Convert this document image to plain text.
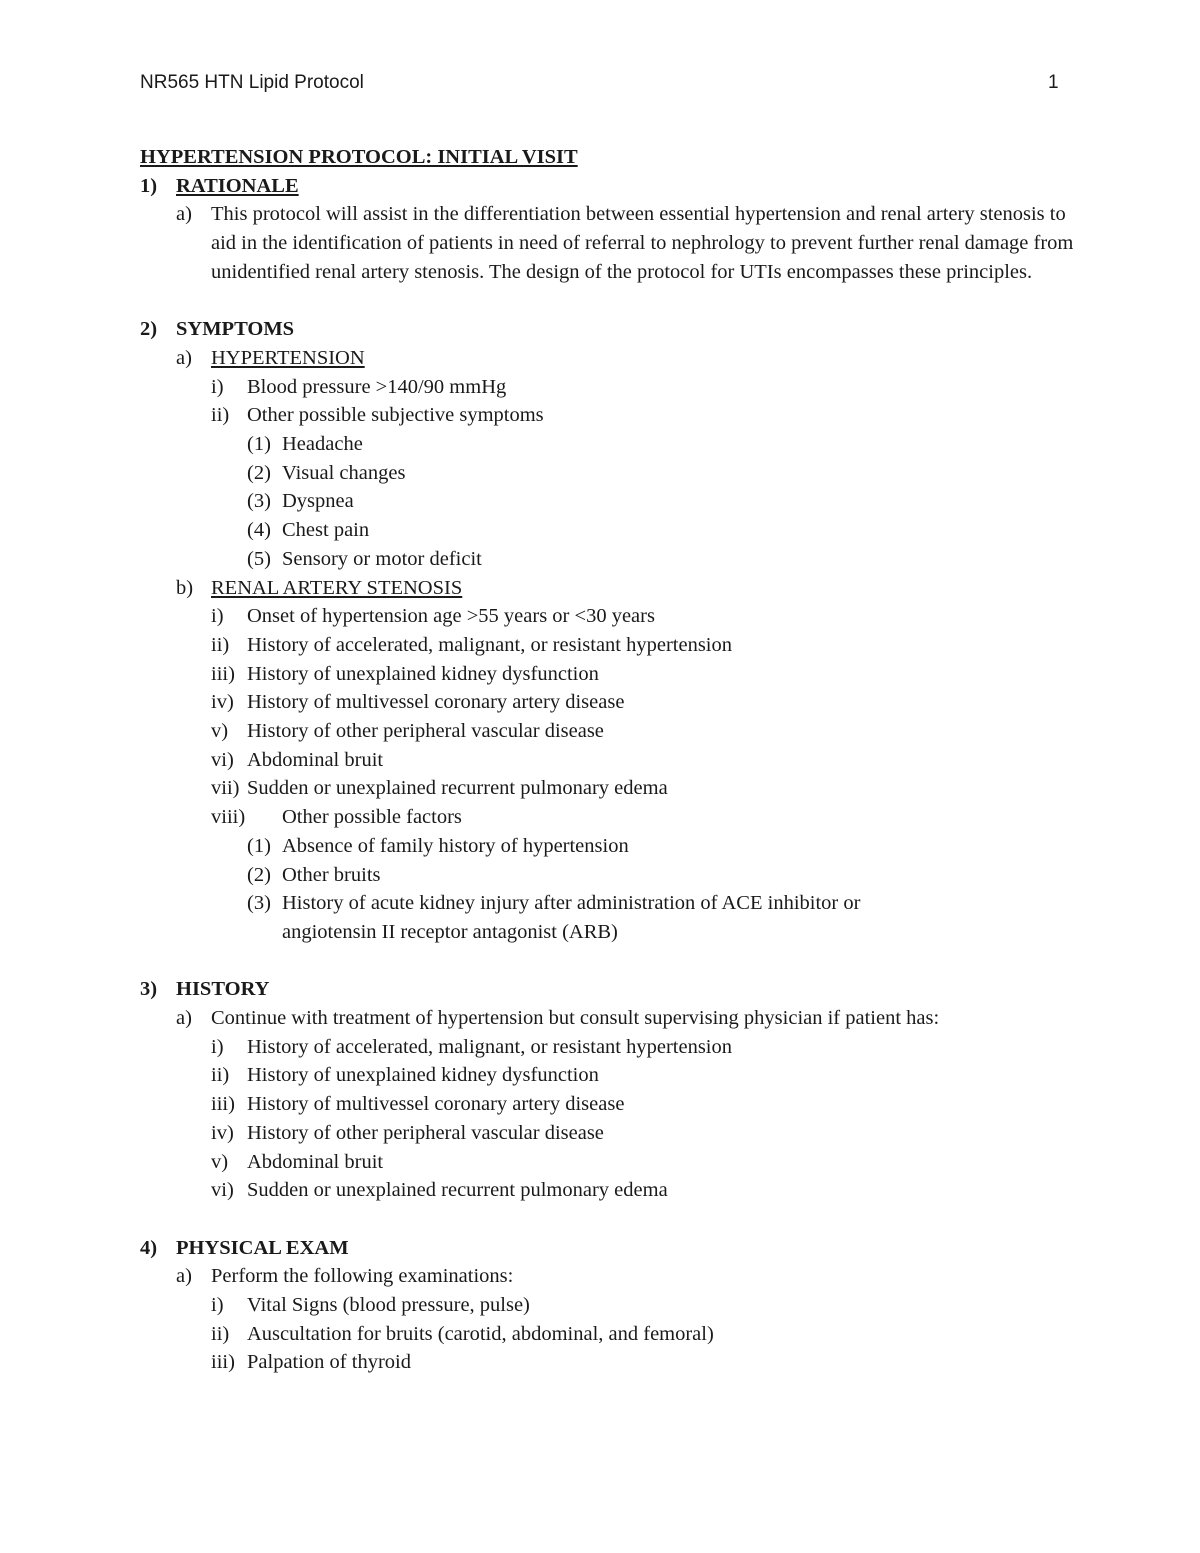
NR565 HTN Lipid Protocol	1
HYPERTENSION PROTOCOL: INITIAL VISIT
1) RATIONALE
a) This protocol will assist in the differentiation between essential hypertension and renal artery stenosis to aid in the identification of patients in need of referral to nephrology to prevent further renal damage from unidentified renal artery stenosis. The design of the protocol for UTIs encompasses these principles.
2) SYMPTOMS
a) HYPERTENSION
i) Blood pressure >140/90 mmHg
ii) Other possible subjective symptoms
(1) Headache
(2) Visual changes
(3) Dyspnea
(4) Chest pain
(5) Sensory or motor deficit
b) RENAL ARTERY STENOSIS
i) Onset of hypertension age >55 years or <30 years
ii) History of accelerated, malignant, or resistant hypertension
iii) History of unexplained kidney dysfunction
iv) History of multivessel coronary artery disease
v) History of other peripheral vascular disease
vi) Abdominal bruit
vii) Sudden or unexplained recurrent pulmonary edema
viii) Other possible factors
(1) Absence of family history of hypertension
(2) Other bruits
(3) History of acute kidney injury after administration of ACE inhibitor or angiotensin II receptor antagonist (ARB)
3) HISTORY
a) Continue with treatment of hypertension but consult supervising physician if patient has:
i) History of accelerated, malignant, or resistant hypertension
ii) History of unexplained kidney dysfunction
iii) History of multivessel coronary artery disease
iv) History of other peripheral vascular disease
v) Abdominal bruit
vi) Sudden or unexplained recurrent pulmonary edema
4) PHYSICAL EXAM
a) Perform the following examinations:
i) Vital Signs (blood pressure, pulse)
ii) Auscultation for bruits (carotid, abdominal, and femoral)
iii) Palpation of thyroid
